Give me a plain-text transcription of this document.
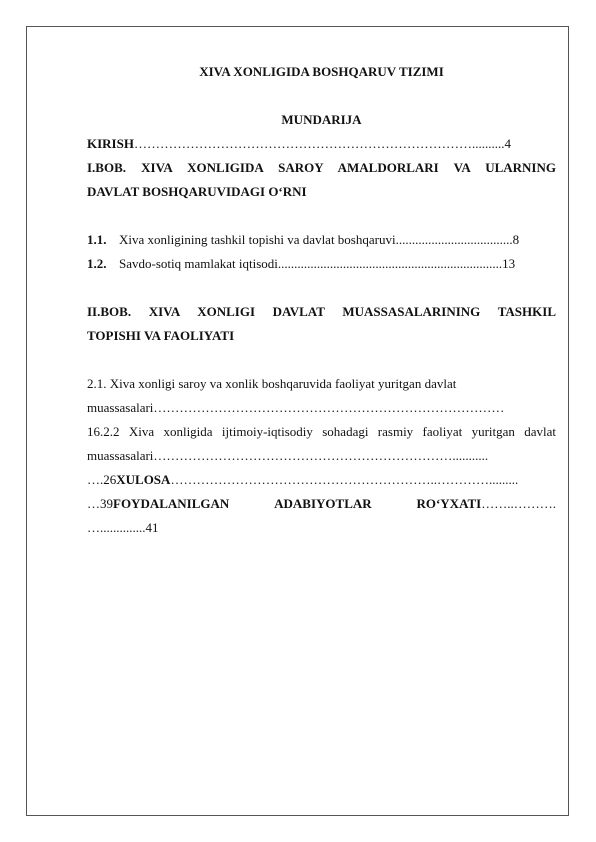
XIVA XONLIGIDA BOSHQARUV TIZIMI
MUNDARIJA
KIRISH……………………………………………………………………..........4
I.BOB. XIVA XONLIGIDA SAROY AMALDORLARI VA ULARNING
DAVLAT BOSHQARUVIDAGI O‘RNI
1.1. Xiva xonligining tashkil topishi va davlat boshqaruvi....................................8
1.2. Savdo-sotiq mamlakat iqtisodi.....................................................................13
II.BOB. XIVA XONLIGI DAVLAT MUASSASALARINING TASHKIL
TOPISHI VA FAOLIYATI
2.1. Xiva xonligi saroy va xonlik boshqaruvida faoliyat yuritgan davlat
muassasalari………………………………………………………………………
16.2.2 Xiva xonligida ijtimoiy-iqtisodiy sohadagi rasmiy faoliyat yuritgan davlat
muassasalari……………………………………………………………...........
….26XULOSA……………………………………………………..………….........
…39FOYDALANILGAN	ADABIYOTLAR	RO‘YXATI……..……….
…..............41
